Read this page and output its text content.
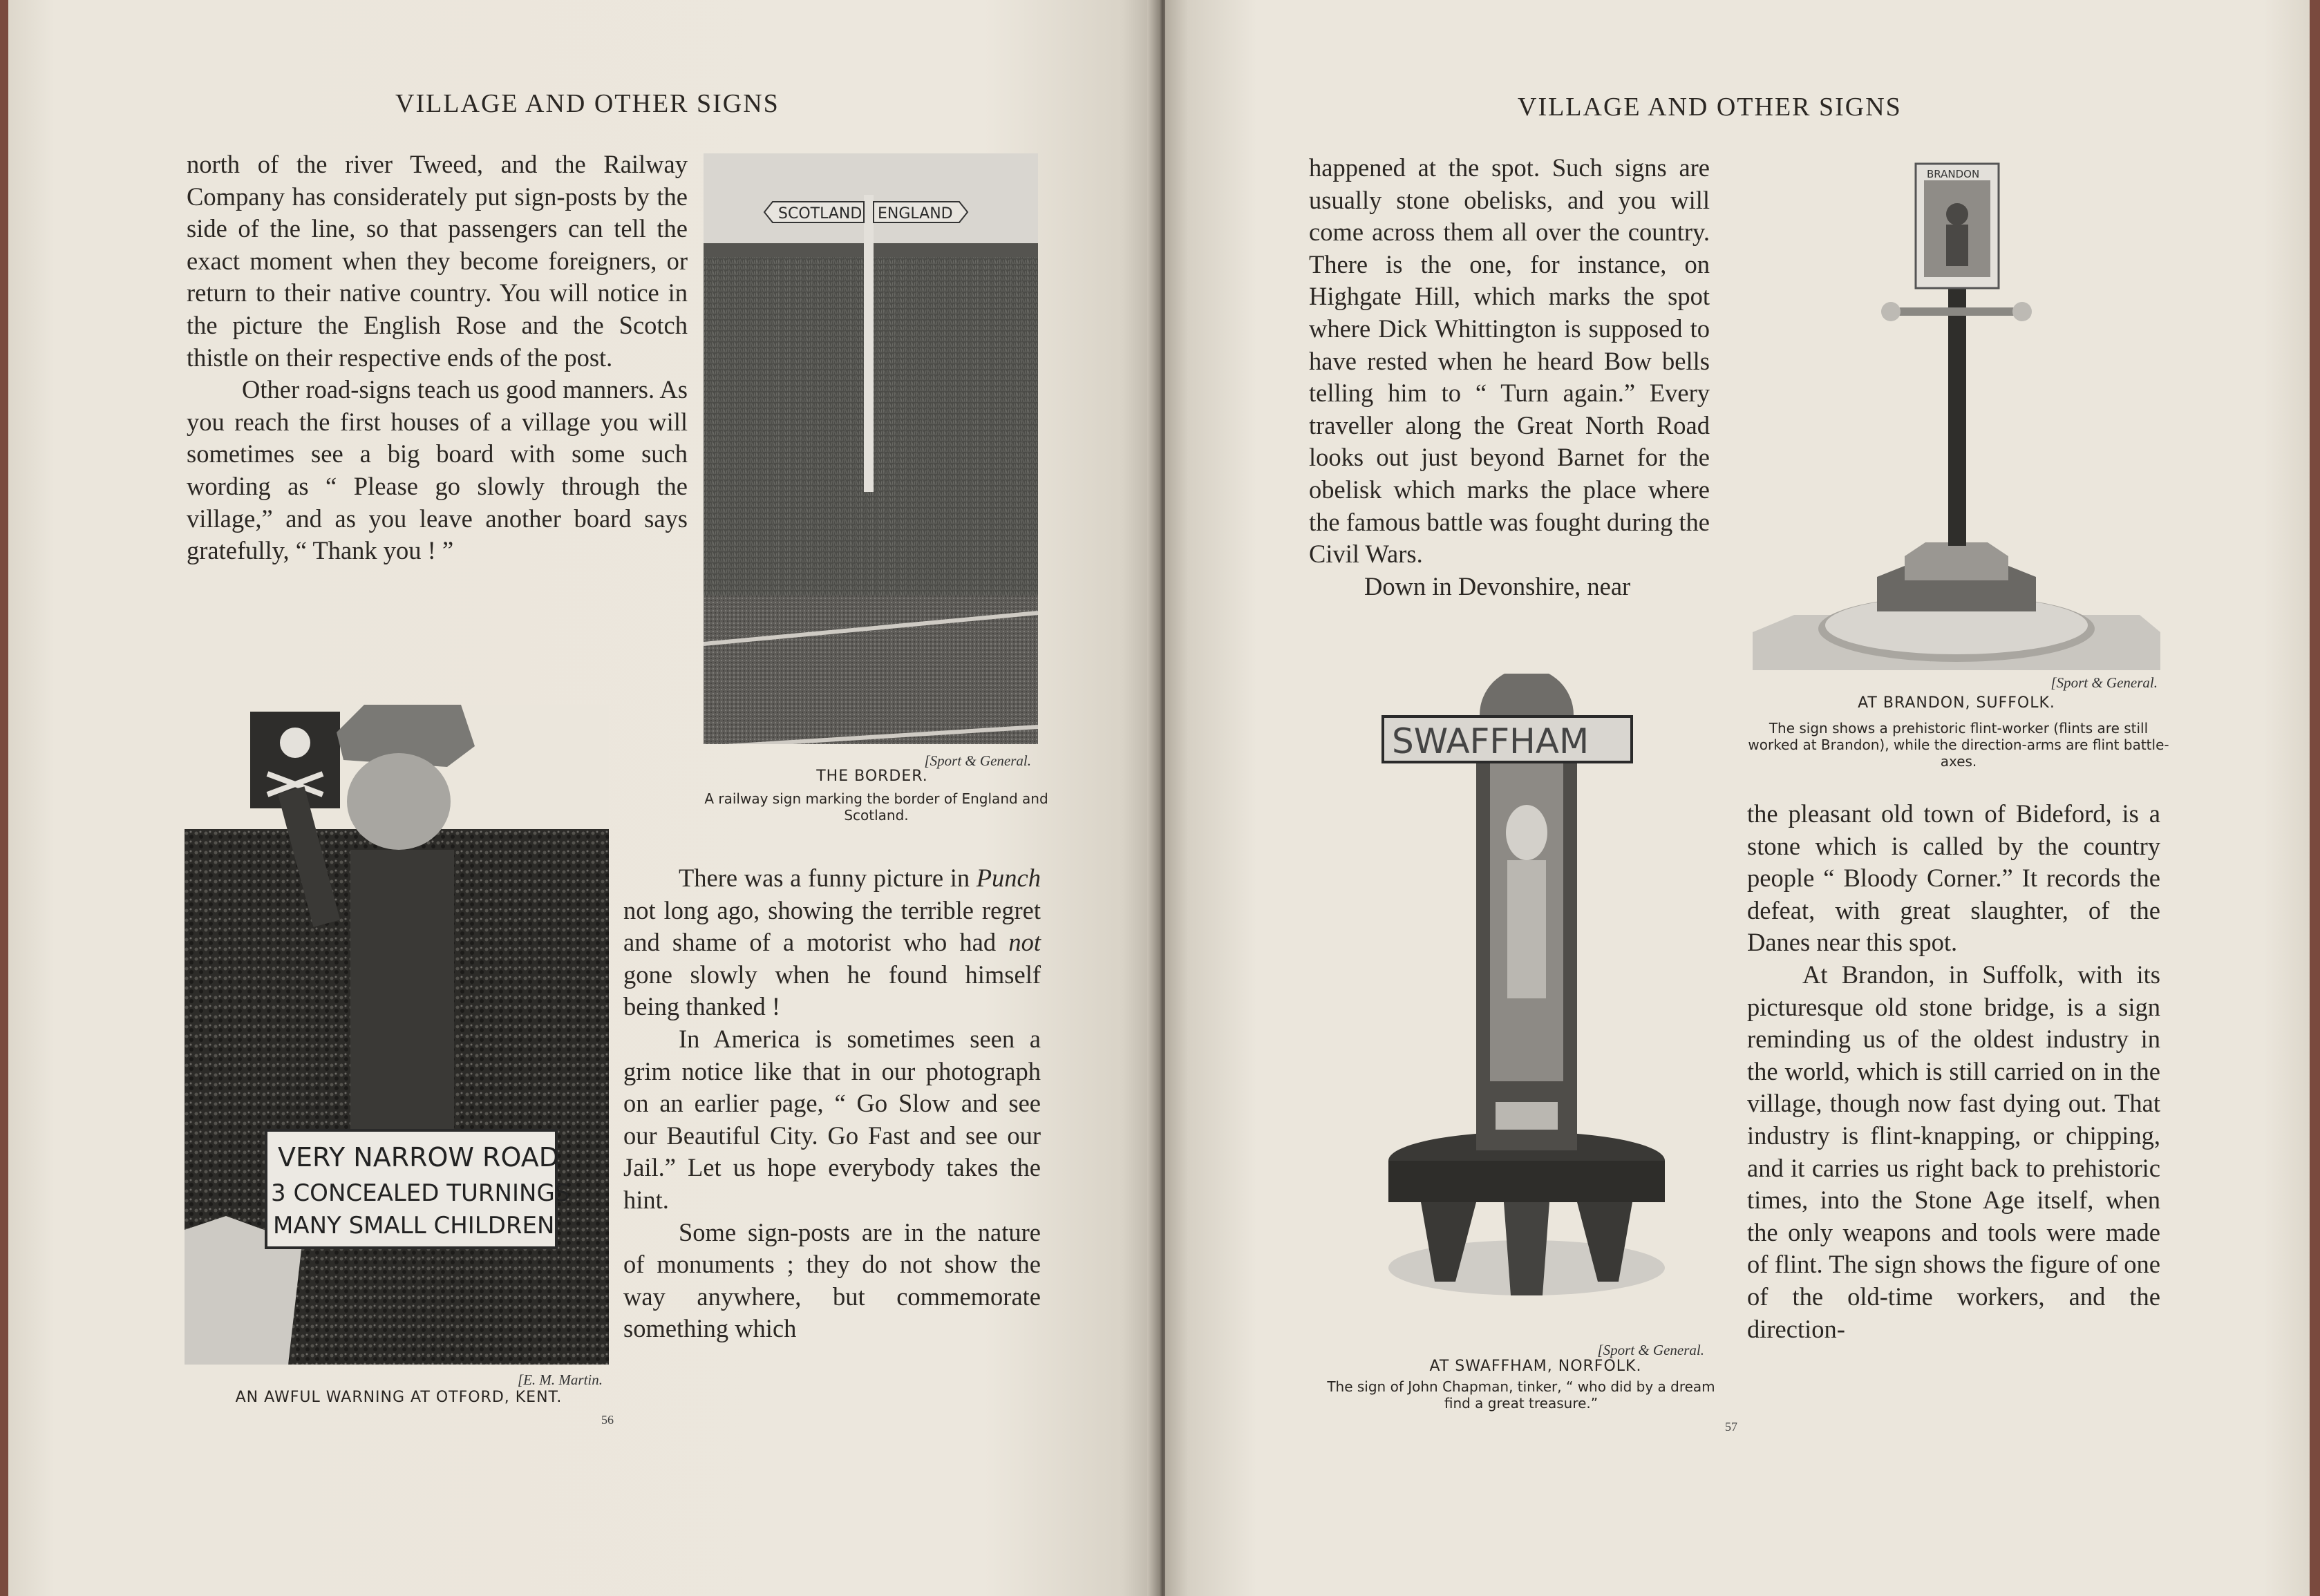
VILLAGE AND OTHER SIGNS

north of the river Tweed, and the Railway Company has considerately put sign-posts by the side of the line, so that passengers can tell the exact moment when they become foreigners, or return to their native country. You will notice in the picture the English Rose and the Scotch thistle on their respective ends of the post.

Other road-signs teach us good manners. As you reach the first houses of a village you will sometimes see a big board with some such wording as “ Please go slowly through the village,” and as you leave another board says gratefully, “ Thank you ! ”

SCOTLAND ENGLAND
[Sport & General.
THE BORDER.
A railway sign marking the border of England and Scotland.
VERY NARROW ROAD
3 CONCEALED TURNINGS
MANY SMALL CHILDREN
[E. M. Martin.
AN AWFUL WARNING AT OTFORD, KENT.

There was a funny picture in Punch not long ago, showing the terrible regret and shame of a motorist who had not gone slowly when he found himself being thanked !

In America is sometimes seen a grim notice like that in our photograph on an earlier page, “ Go Slow and see our Beautiful City. Go Fast and see our Jail.” Let us hope everybody takes the hint.

Some sign-posts are in the nature of monuments ; they do not show the way anywhere, but commemorate something which

56
VILLAGE AND OTHER SIGNS

happened at the spot. Such signs are usually stone obelisks, and you will come across them all over the country. There is the one, for instance, on Highgate Hill, which marks the spot where Dick Whittington is supposed to have rested when he heard Bow bells telling him to “ Turn again.” Every traveller along the Great North Road looks out just beyond Barnet for the obelisk which marks the place where the famous battle was fought during the Civil Wars.

Down in Devonshire, near

BRANDON
[Sport & General.
AT BRANDON, SUFFOLK.
The sign shows a prehistoric flint-worker (flints are still worked at Brandon), while the direction-arms are flint battle-axes.
SWAFFHAM
[Sport & General.
AT SWAFFHAM, NORFOLK.
The sign of John Chapman, tinker, “ who did by a dream find a great treasure.”

the pleasant old town of Bideford, is a stone which is called by the country people “ Bloody Corner.” It records the defeat, with great slaughter, of the Danes near this spot.

At Brandon, in Suffolk, with its picturesque old stone bridge, is a sign reminding us of the oldest industry in the world, which is still carried on in the village, though now fast dying out. That industry is flint-knapping, or chipping, and it carries us right back to prehistoric times, into the Stone Age itself, when the only weapons and tools were made of flint. The sign shows the figure of one of the old-time workers, and the direction-

57
